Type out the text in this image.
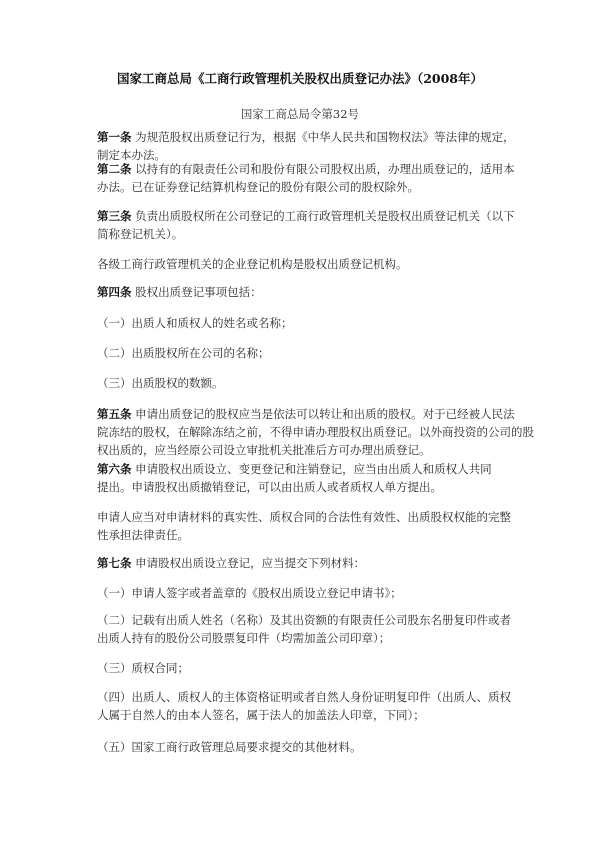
国家工商总局《工商行政管理机关股权出质登记办法》（2008年）
国家工商总局令第32号
第一条 为规范股权出质登记行为，根据《中华人民共和国物权法》等法律的规定，
制定本办法。
第二条 以持有的有限责任公司和股份有限公司股权出质，办理出质登记的，适用本
办法。已在证券登记结算机构登记的股份有限公司的股权除外。
第三条 负责出质股权所在公司登记的工商行政管理机关是股权出质登记机关（以下
简称登记机关）。
各级工商行政管理机关的企业登记机构是股权出质登记机构。
第四条 股权出质登记事项包括：
（一）出质人和质权人的姓名或名称；
（二）出质股权所在公司的名称；
（三）出质股权的数额。
第五条 申请出质登记的股权应当是依法可以转让和出质的股权。对于已经被人民法
院冻结的股权，在解除冻结之前，不得申请办理股权出质登记。以外商投资的公司的股
权出质的，应当经原公司设立审批机关批准后方可办理出质登记。
第六条 申请股权出质设立、变更登记和注销登记，应当由出质人和质权人共同
提出。申请股权出质撤销登记，可以由出质人或者质权人单方提出。
申请人应当对申请材料的真实性、质权合同的合法性有效性、出质股权权能的完整
性承担法律责任。
第七条 申请股权出质设立登记，应当提交下列材料：
（一）申请人签字或者盖章的《股权出质设立登记申请书》；
（二）记载有出质人姓名（名称）及其出资额的有限责任公司股东名册复印件或者
出质人持有的股份公司股票复印件（均需加盖公司印章）；
（三）质权合同；
（四）出质人、质权人的主体资格证明或者自然人身份证明复印件（出质人、质权
人属于自然人的由本人签名，属于法人的加盖法人印章，下同）；
（五）国家工商行政管理总局要求提交的其他材料。
